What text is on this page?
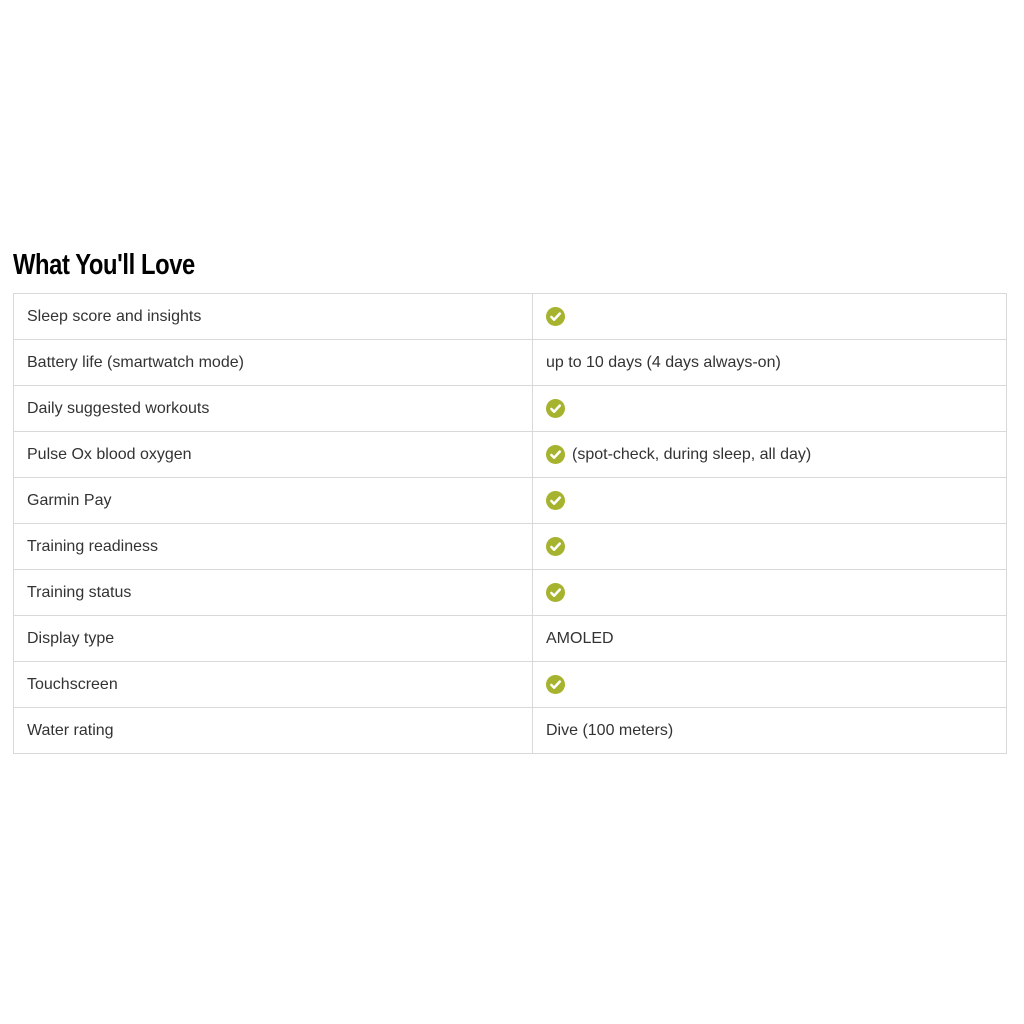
What You'll Love
Sleep score and insights	

Battery life (smartwatch mode)	up to 10 days (4 days always-on)

Daily suggested workouts	

Pulse Ox blood oxygen	(spot-check, during sleep, all day)

Garmin Pay	

Training readiness	

Training status	

Display type	AMOLED

Touchscreen	

Water rating	Dive (100 meters)
